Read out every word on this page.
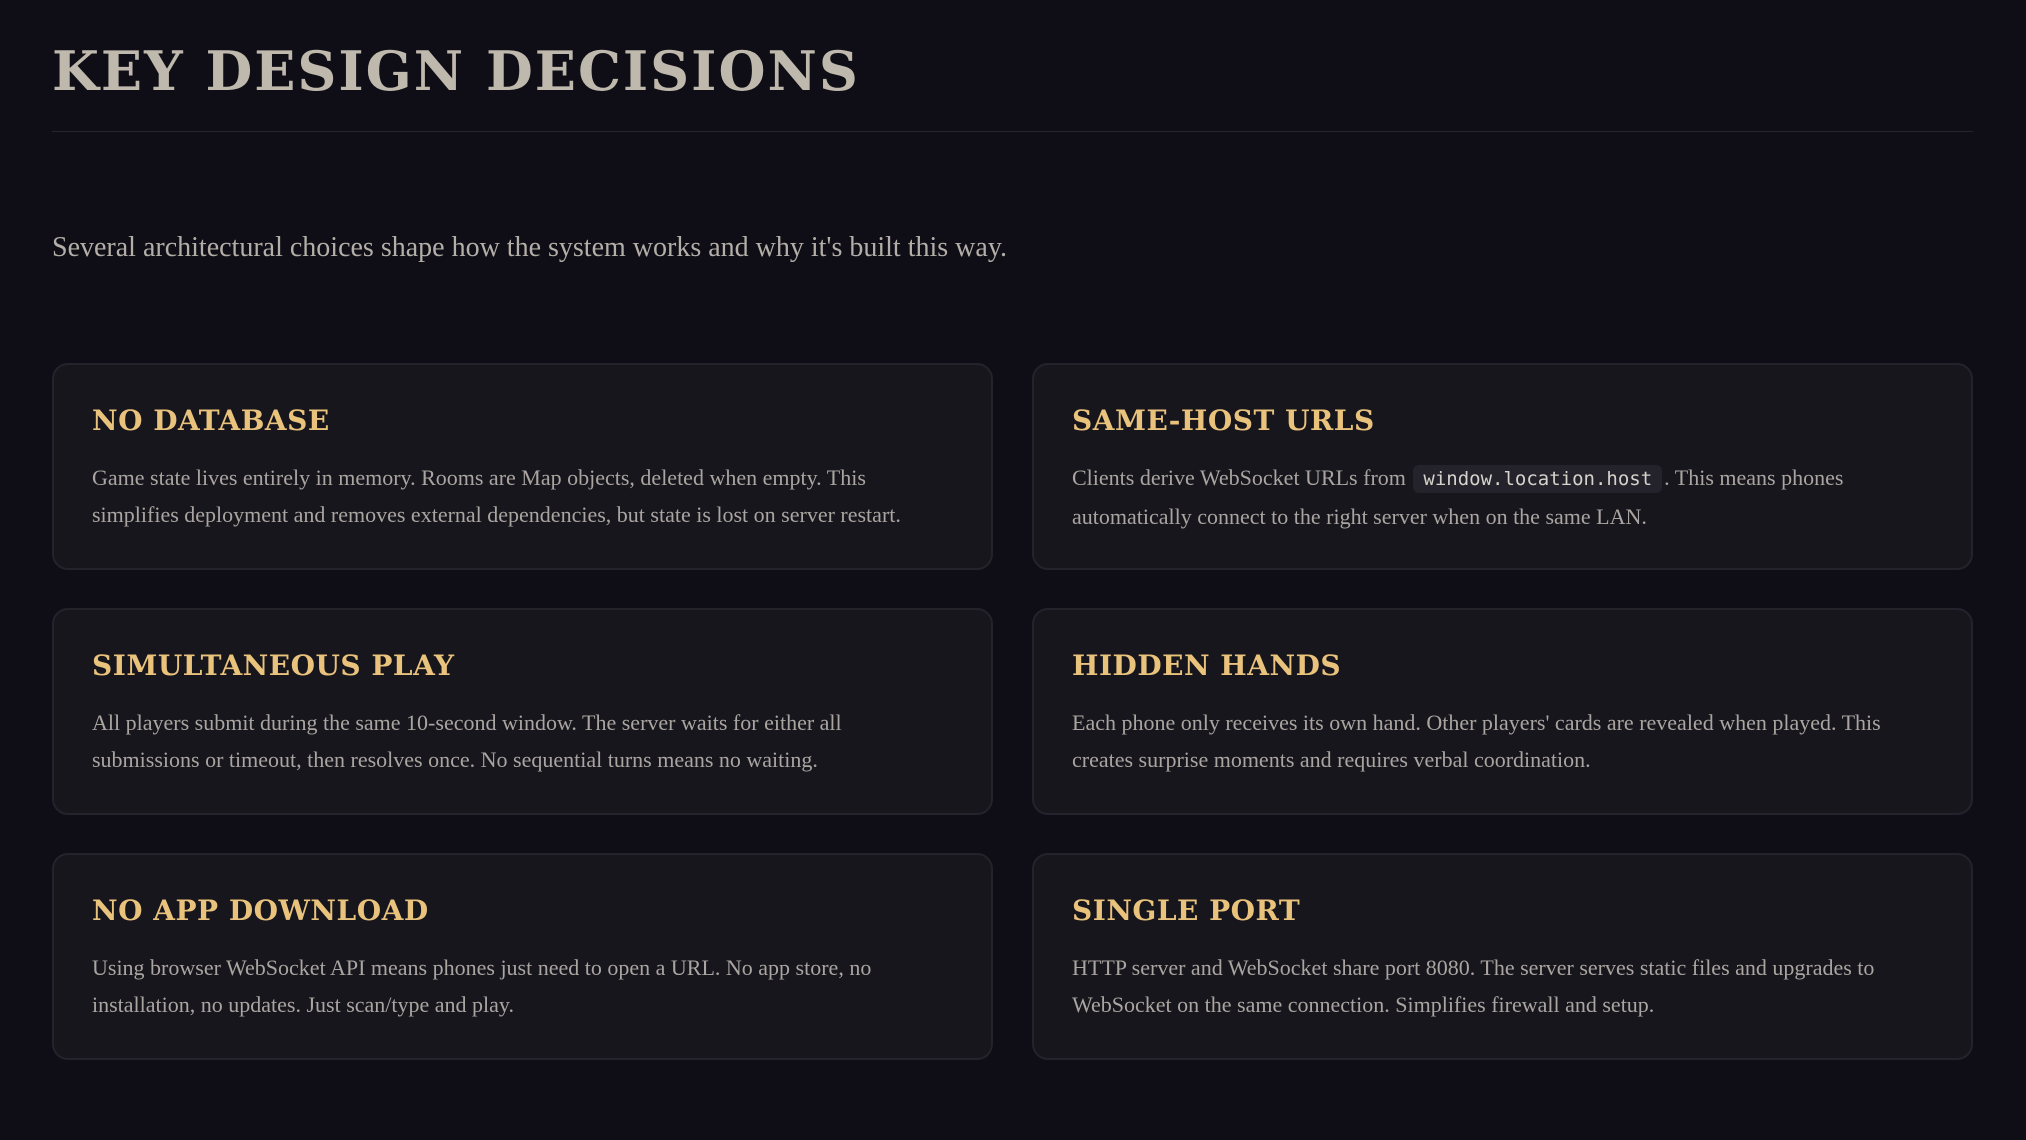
KEY DESIGN DECISIONS

Several architectural choices shape how the system works and why it's built this way.

NO DATABASE

Game state lives entirely in memory. Rooms are Map objects, deleted when empty. This simplifies deployment and removes external dependencies, but state is lost on server restart.

SAME-HOST URLS

Clients derive WebSocket URLs from window.location.host . This means phones automatically connect to the right server when on the same LAN.

SIMULTANEOUS PLAY

All players submit during the same 10-second window. The server waits for either all submissions or timeout, then resolves once. No sequential turns means no waiting.

HIDDEN HANDS

Each phone only receives its own hand. Other players' cards are revealed when played. This creates surprise moments and requires verbal coordination.

NO APP DOWNLOAD

Using browser WebSocket API means phones just need to open a URL. No app store, no installation, no updates. Just scan/type and play.

SINGLE PORT

HTTP server and WebSocket share port 8080. The server serves static files and upgrades to WebSocket on the same connection. Simplifies firewall and setup.
